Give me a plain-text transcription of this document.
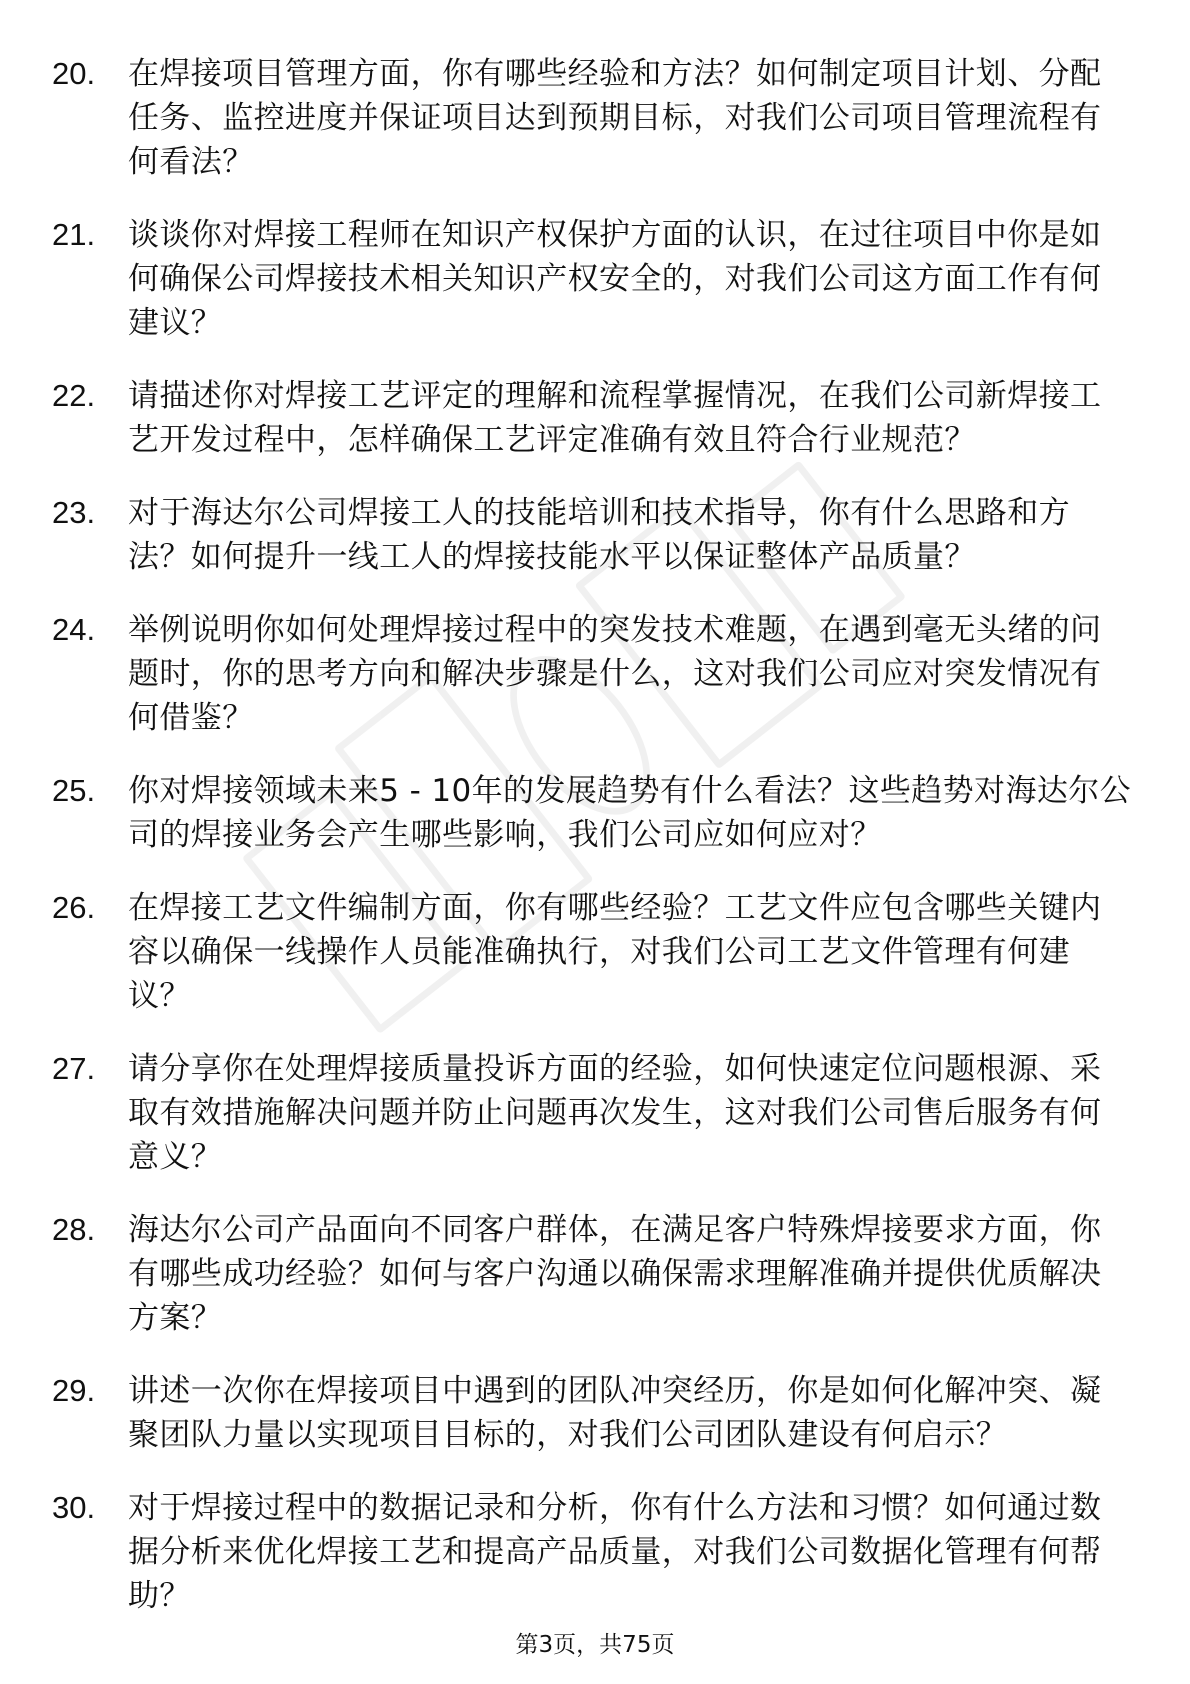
20.	在焊接项目管理方面，你有哪些经验和方法？如何制定项目计划、分配任务、监控进度并保证项目达到预期目标，对我们公司项目管理流程有何看法？
21.	谈谈你对焊接工程师在知识产权保护方面的认识，在过往项目中你是如何确保公司焊接技术相关知识产权安全的，对我们公司这方面工作有何建议？
22.	请描述你对焊接工艺评定的理解和流程掌握情况，在我们公司新焊接工艺开发过程中，怎样确保工艺评定准确有效且符合行业规范？
23.	对于海达尔公司焊接工人的技能培训和技术指导，你有什么思路和方法？如何提升一线工人的焊接技能水平以保证整体产品质量？
24.	举例说明你如何处理焊接过程中的突发技术难题，在遇到毫无头绪的问题时，你的思考方向和解决步骤是什么，这对我们公司应对突发情况有何借鉴？
25.	你对焊接领域未来5 - 10年的发展趋势有什么看法？这些趋势对海达尔公司的焊接业务会产生哪些影响，我们公司应如何应对？
26.	在焊接工艺文件编制方面，你有哪些经验？工艺文件应包含哪些关键内容以确保一线操作人员能准确执行，对我们公司工艺文件管理有何建议？
27.	请分享你在处理焊接质量投诉方面的经验，如何快速定位问题根源、采取有效措施解决问题并防止问题再次发生，这对我们公司售后服务有何意义？
28.	海达尔公司产品面向不同客户群体，在满足客户特殊焊接要求方面，你有哪些成功经验？如何与客户沟通以确保需求理解准确并提供优质解决方案？
29.	讲述一次你在焊接项目中遇到的团队冲突经历，你是如何化解冲突、凝聚团队力量以实现项目目标的，对我们公司团队建设有何启示？
30.	对于焊接过程中的数据记录和分析，你有什么方法和习惯？如何通过数据分析来优化焊接工艺和提高产品质量，对我们公司数据化管理有何帮助？
第3页，共75页
